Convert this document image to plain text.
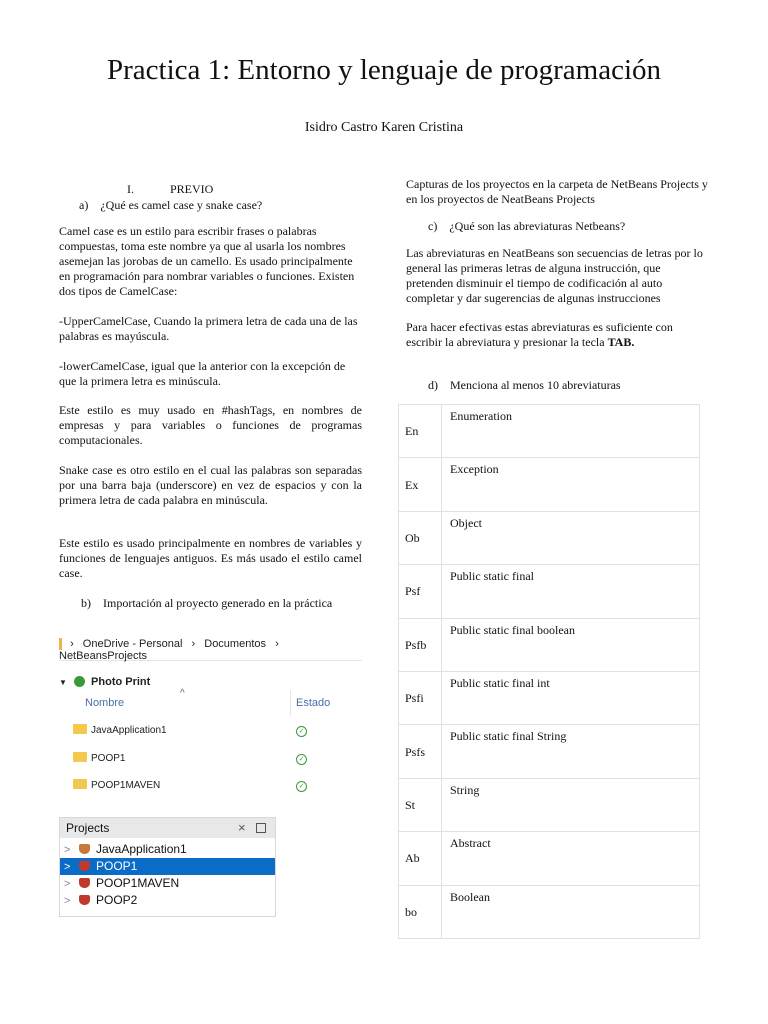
Practica 1: Entorno y lenguaje de programación
Isidro Castro Karen Cristina
I.            PREVIO
a)    ¿Qué es camel case y snake case?
Camel case es un estilo para escribir frases o palabras compuestas, toma este nombre ya que al usarla los nombres asemejan las jorobas de un camello. Es usado principalmente en programación para nombrar variables o funciones. Existen dos tipos de CamelCase:
-UpperCamelCase, Cuando la primera letra de cada una de las palabras es mayúscula.
-lowerCamelCase, igual que la anterior con la excepción de que la primera letra es minúscula.
Este estilo es muy usado en #hashTags, en nombres de empresas y para variables o funciones de programas computacionales.
Snake case es otro estilo en el cual las palabras son separadas por una barra baja (underscore) en vez de espacios y con la primera letra de cada palabra en minúscula.
Este estilo es usado principalmente en nombres de variables y funciones de lenguajes antiguos. Es más usado el estilo camel case.
b)    Importación al proyecto generado en la práctica
› OneDrive - Personal › Documentos › NetBeansProjects
▼ Photo Print
^
Nombre	Estado
JavaApplication1	✓
POOP1	✓
POOP1MAVEN	✓
Projects	×
> JavaApplication1
> POOP1
> POOP1MAVEN
> POOP2
Capturas de los proyectos en la carpeta de NetBeans Projects y en los proyectos de NeatBeans Projects
c)    ¿Qué son las abreviaturas Netbeans?
Las abreviaturas en NeatBeans son secuencias de letras por lo general las primeras letras de alguna instrucción, que pretenden disminuir el tiempo de codificación al auto completar y dar sugerencias de algunas instrucciones
Para hacer efectivas estas abreviaturas es suficiente con escribir la abreviatura y presionar la tecla TAB.
d)    Menciona al menos 10 abreviaturas
En	Enumeration
Ex	Exception
Ob	Object
Psf	Public static final
Psfb	Public static final boolean
Psfi	Public static final int
Psfs	Public static final String
St	String
Ab	Abstract
bo	Boolean
